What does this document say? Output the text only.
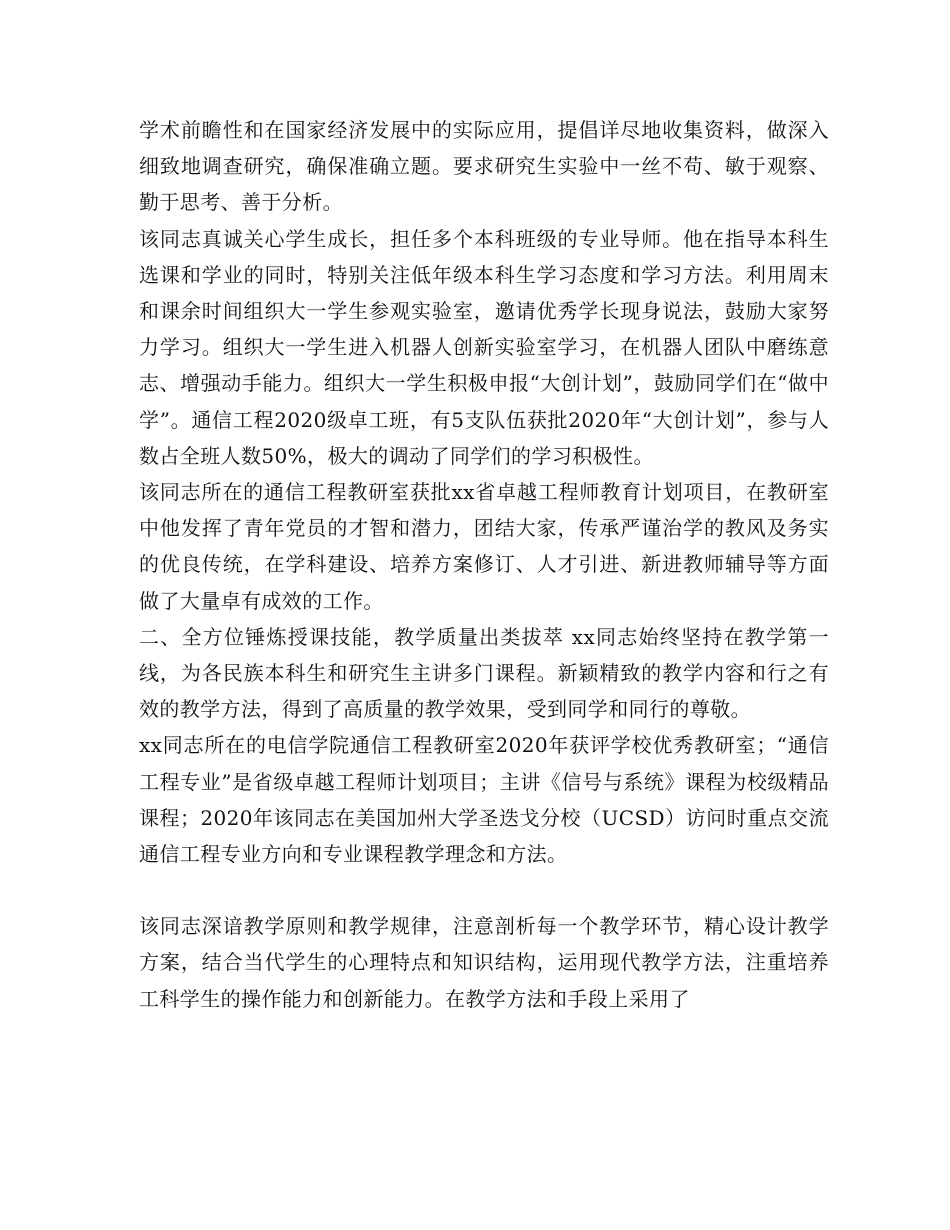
学术前瞻性和在国家经济发展中的实际应用，提倡详尽地收集资料，做深入细致地调查研究，确保准确立题。要求研究生实验中一丝不苟、敏于观察、勤于思考、善于分析。

该同志真诚关心学生成长，担任多个本科班级的专业导师。他在指导本科生选课和学业的同时，特别关注低年级本科生学习态度和学习方法。利用周末和课余时间组织大一学生参观实验室，邀请优秀学长现身说法，鼓励大家努力学习。组织大一学生进入机器人创新实验室学习，在机器人团队中磨练意志、增强动手能力。组织大一学生积极申报“大创计划”，鼓励同学们在“做中学”。通信工程2020级卓工班，有5支队伍获批2020年“大创计划”，参与人数占全班人数50%，极大的调动了同学们的学习积极性。

该同志所在的通信工程教研室获批xx省卓越工程师教育计划项目，在教研室中他发挥了青年党员的才智和潜力，团结大家，传承严谨治学的教风及务实的优良传统，在学科建设、培养方案修订、人才引进、新进教师辅导等方面做了大量卓有成效的工作。

二、全方位锤炼授课技能，教学质量出类拔萃 xx同志始终坚持在教学第一线，为各民族本科生和研究生主讲多门课程。新颖精致的教学内容和行之有效的教学方法，得到了高质量的教学效果，受到同学和同行的尊敬。

xx同志所在的电信学院通信工程教研室2020年获评学校优秀教研室；“通信工程专业”是省级卓越工程师计划项目；主讲《信号与系统》课程为校级精品课程；2020年该同志在美国加州大学圣迭戈分校（UCSD）访问时重点交流通信工程专业方向和专业课程教学理念和方法。

该同志深谙教学原则和教学规律，注意剖析每一个教学环节，精心设计教学方案，结合当代学生的心理特点和知识结构，运用现代教学方法，注重培养工科学生的操作能力和创新能力。在教学方法和手段上采用了
